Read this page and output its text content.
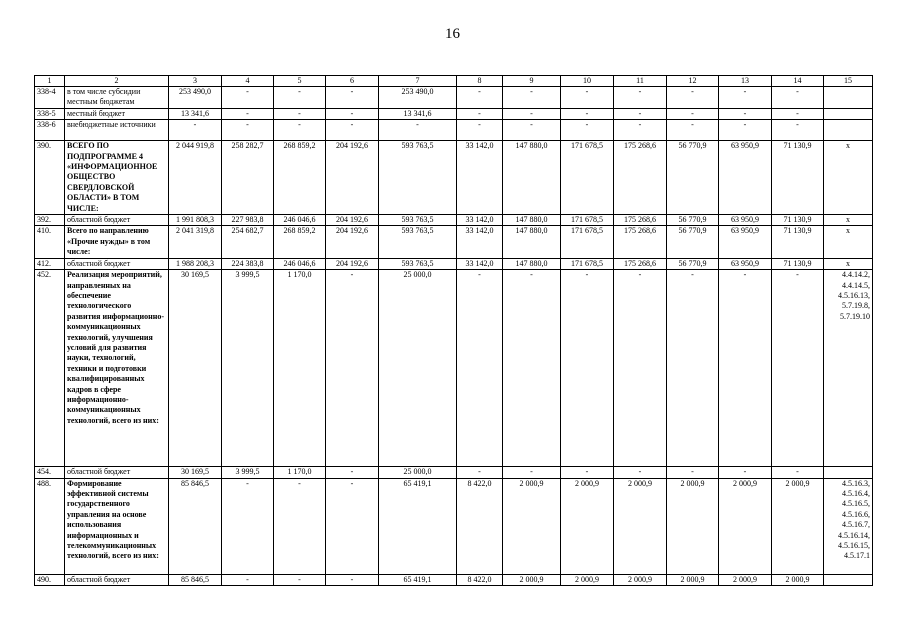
16
1	2	3	4	5	6	7	8	9	10	11	12	13	14	15
338-4	в том числе субсидии местным бюджетам	253 490,0	-	-	-	253 490,0	-	-	-	-	-	-	-	
338-5	местный бюджет	13 341,6	-	-	-	13 341,6	-	-	-	-	-	-	-	
338-6	внебюджетные источники	-	-	-	-	-	-	-	-	-	-	-	-	
390.	ВСЕГО ПО ПОДПРОГРАММЕ 4 «ИНФОРМАЦИОННОЕ ОБЩЕСТВО СВЕРДЛОВСКОЙ ОБЛАСТИ» В ТОМ ЧИСЛЕ:	2 044 919,8	258 282,7	268 859,2	204 192,6	593 763,5	33 142,0	147 880,0	171 678,5	175 268,6	56 770,9	63 950,9	71 130,9	x
392.	областной бюджет	1 991 808,3	227 983,8	246 046,6	204 192,6	593 763,5	33 142,0	147 880,0	171 678,5	175 268,6	56 770,9	63 950,9	71 130,9	x
410.	Всего по направлению «Прочие нужды» в том числе:	2 041 319,8	254 682,7	268 859,2	204 192,6	593 763,5	33 142,0	147 880,0	171 678,5	175 268,6	56 770,9	63 950,9	71 130,9	x
412.	областной бюджет	1 988 208,3	224 383,8	246 046,6	204 192,6	593 763,5	33 142,0	147 880,0	171 678,5	175 268,6	56 770,9	63 950,9	71 130,9	x
452.	Реализация мероприятий, направленных на обеспечение технологического развития информационно-коммуникационных технологий, улучшения условий для развития науки, технологий, техники и подготовки квалифицированных кадров в сфере информационно-коммуникационных технологий, всего из них:	30 169,5	3 999,5	1 170,0	-	25 000,0	-	-	-	-	-	-	-	4.4.14.2, 4.4.14.5, 4.5.16.13, 5.7.19.8, 5.7.19.10
454.	областной бюджет	30 169,5	3 999,5	1 170,0	-	25 000,0	-	-	-	-	-	-	-	
488.	Формирование эффективной системы государственного управления на основе использования информационных и телекоммуникационных технологий, всего из них:	85 846,5	-	-	-	65 419,1	8 422,0	2 000,9	2 000,9	2 000,9	2 000,9	2 000,9	2 000,9	4.5.16.3, 4.5.16.4, 4.5.16.5, 4.5.16.6, 4.5.16.7, 4.5.16.14, 4.5.16.15, 4.5.17.1
490.	областной бюджет	85 846,5	-	-	-	65 419,1	8 422,0	2 000,9	2 000,9	2 000,9	2 000,9	2 000,9	2 000,9	
